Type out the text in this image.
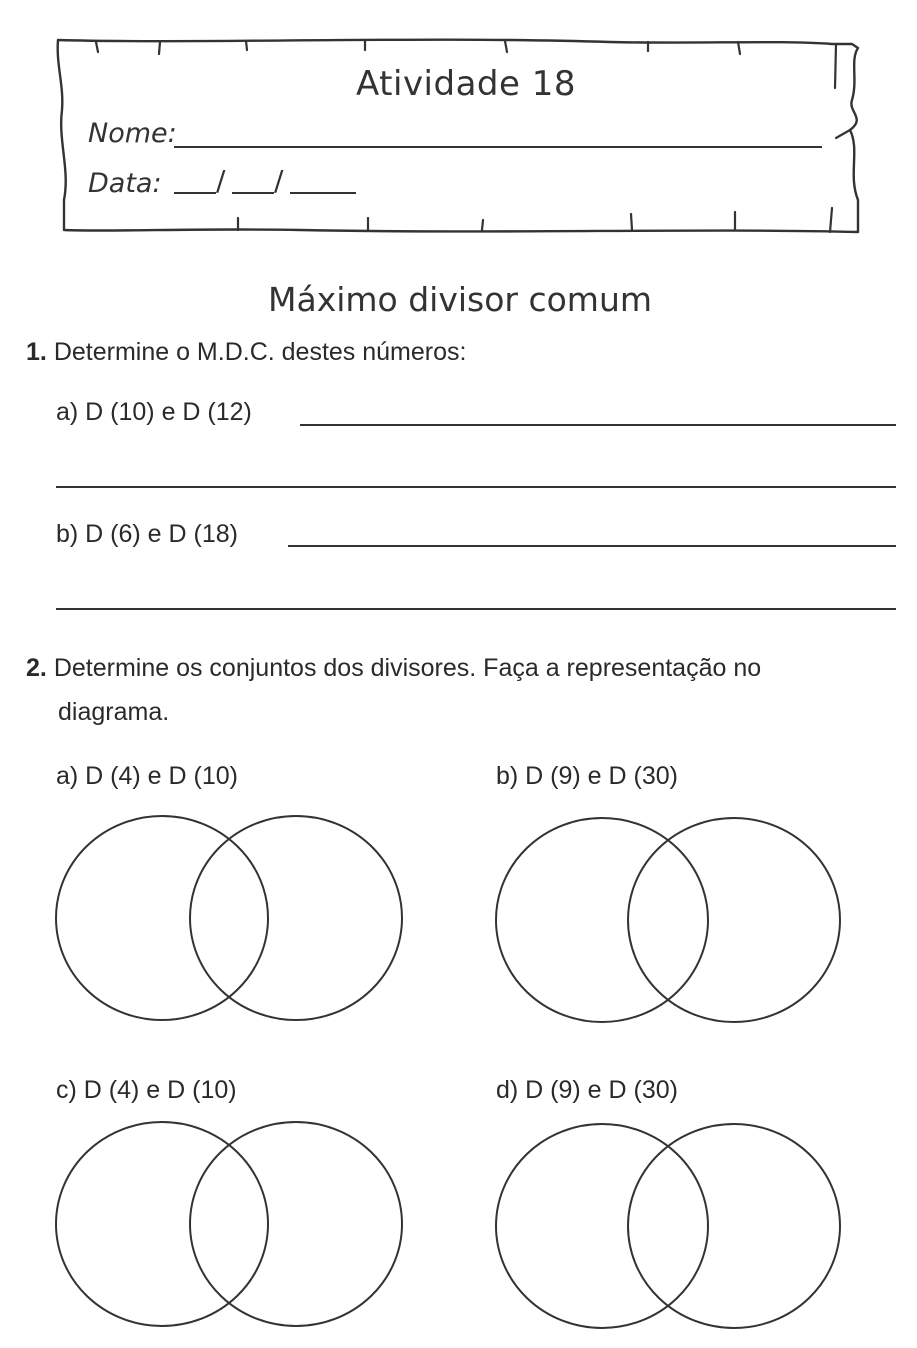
Atividade 18
Nome:
Data: / /
Máximo divisor comum
1. Determine o M.D.C. destes números:
a) D (10) e D (12)
b) D (6) e D (18)
2. Determine os conjuntos dos divisores. Faça a representação no
diagrama.
a) D (4) e D (10)	b) D (9) e D (30)
c) D (4) e D (10)	d) D (9) e D (30)
